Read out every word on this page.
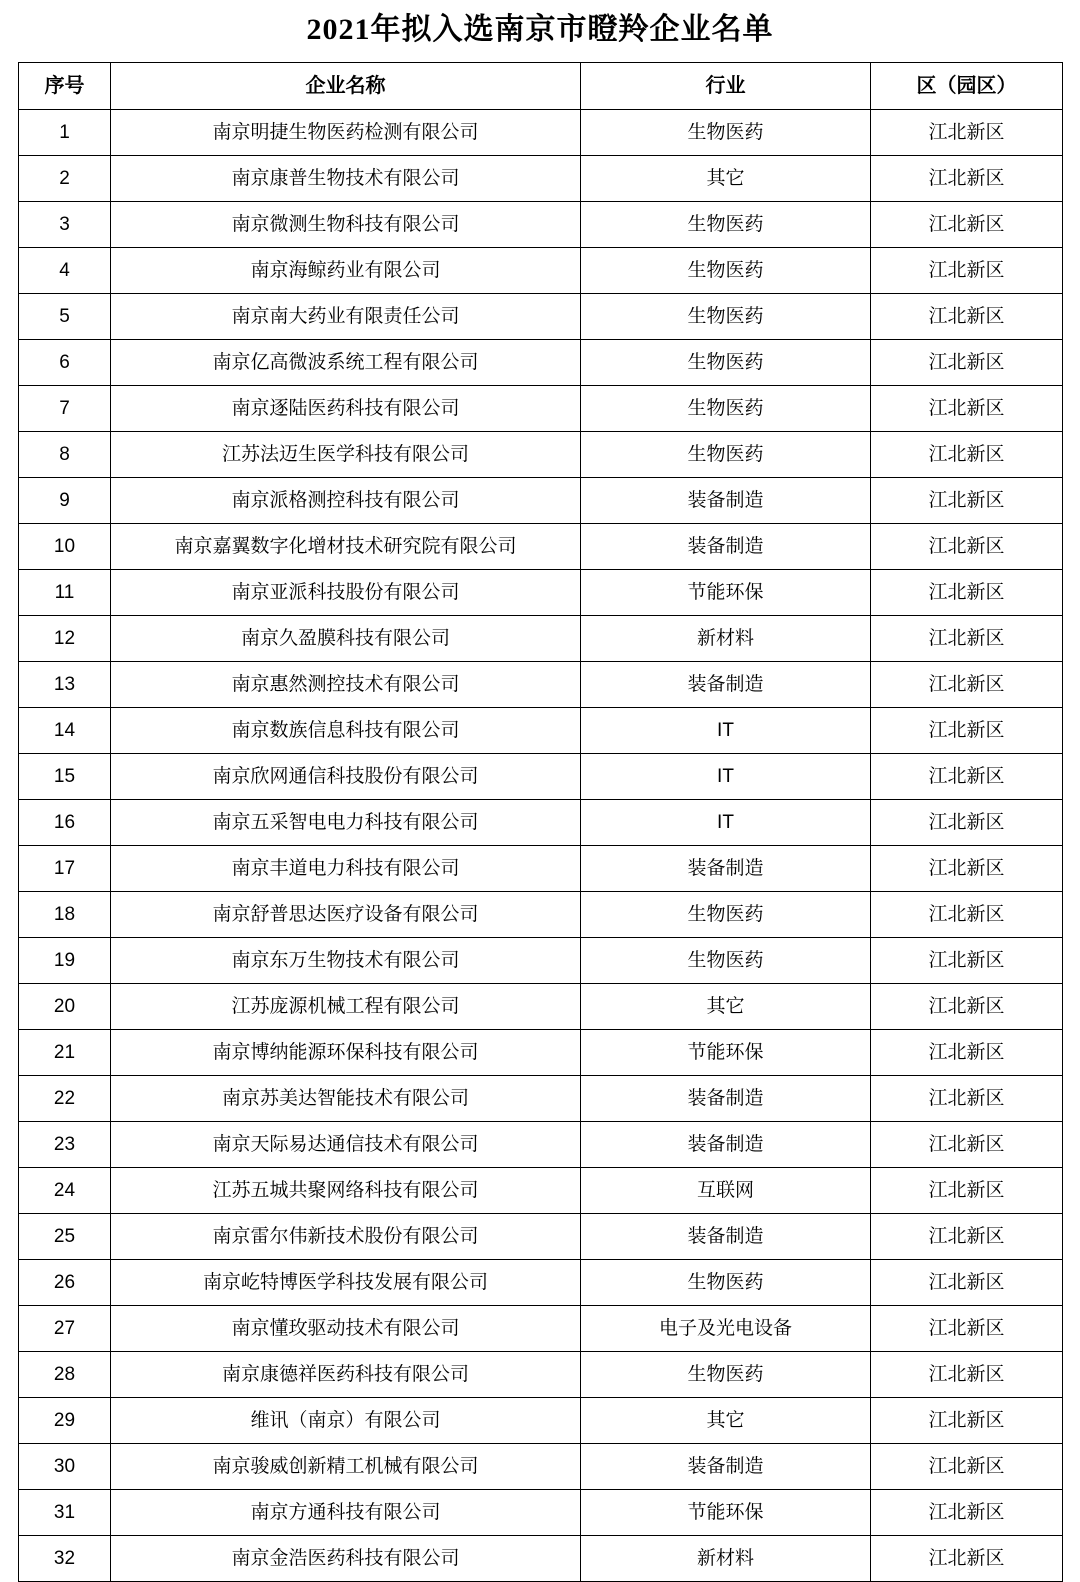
2021年拟入选南京市瞪羚企业名单
序号	企业名称	行业	区（园区）
1	南京明捷生物医药检测有限公司	生物医药	江北新区
2	南京康普生物技术有限公司	其它	江北新区
3	南京微测生物科技有限公司	生物医药	江北新区
4	南京海鲸药业有限公司	生物医药	江北新区
5	南京南大药业有限责任公司	生物医药	江北新区
6	南京亿高微波系统工程有限公司	生物医药	江北新区
7	南京逐陆医药科技有限公司	生物医药	江北新区
8	江苏法迈生医学科技有限公司	生物医药	江北新区
9	南京派格测控科技有限公司	装备制造	江北新区
10	南京嘉翼数字化增材技术研究院有限公司	装备制造	江北新区
11	南京亚派科技股份有限公司	节能环保	江北新区
12	南京久盈膜科技有限公司	新材料	江北新区
13	南京惠然测控技术有限公司	装备制造	江北新区
14	南京数族信息科技有限公司	IT	江北新区
15	南京欣网通信科技股份有限公司	IT	江北新区
16	南京五采智电电力科技有限公司	IT	江北新区
17	南京丰道电力科技有限公司	装备制造	江北新区
18	南京舒普思达医疗设备有限公司	生物医药	江北新区
19	南京东万生物技术有限公司	生物医药	江北新区
20	江苏庞源机械工程有限公司	其它	江北新区
21	南京博纳能源环保科技有限公司	节能环保	江北新区
22	南京苏美达智能技术有限公司	装备制造	江北新区
23	南京天际易达通信技术有限公司	装备制造	江北新区
24	江苏五城共聚网络科技有限公司	互联网	江北新区
25	南京雷尔伟新技术股份有限公司	装备制造	江北新区
26	南京屹特博医学科技发展有限公司	生物医药	江北新区
27	南京懂玫驱动技术有限公司	电子及光电设备	江北新区
28	南京康德祥医药科技有限公司	生物医药	江北新区
29	维讯（南京）有限公司	其它	江北新区
30	南京骏威创新精工机械有限公司	装备制造	江北新区
31	南京方通科技有限公司	节能环保	江北新区
32	南京金浩医药科技有限公司	新材料	江北新区
